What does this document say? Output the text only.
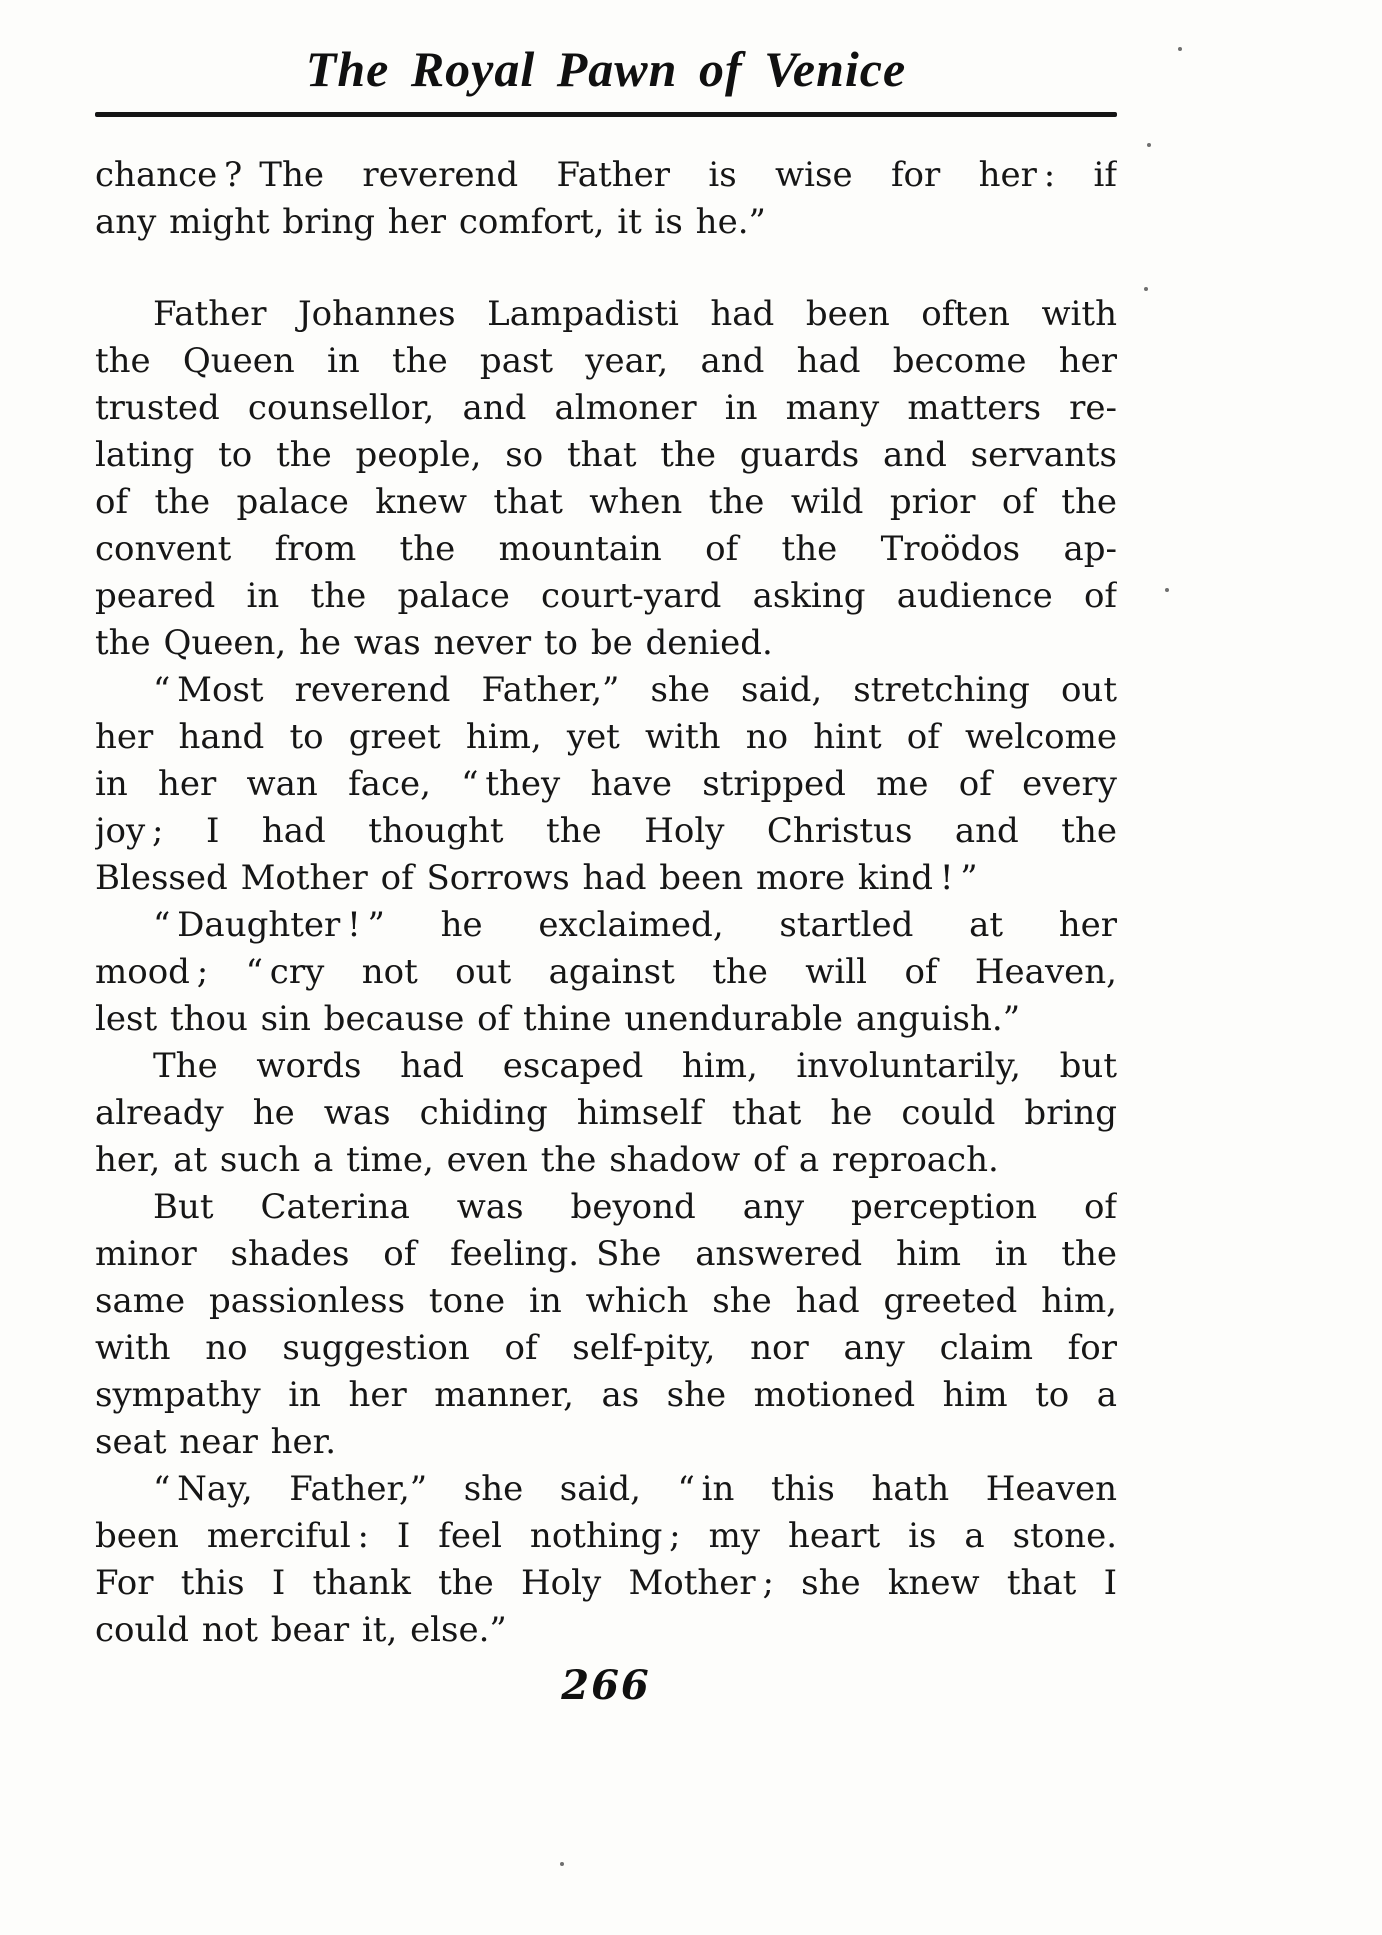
The Royal Pawn of Venice
chance ? The reverend Father is wise for her : if
any might bring her comfort, it is he.”
Father Johannes Lampadisti had been often with
the Queen in the past year, and had become her
trusted counsellor, and almoner in many matters re-
lating to the people, so that the guards and servants
of the palace knew that when the wild prior of the
convent from the mountain of the Troödos ap-
peared in the palace court-yard asking audience of
the Queen, he was never to be denied.
“ Most reverend Father,” she said, stretching out
her hand to greet him, yet with no hint of welcome
in her wan face, “ they have stripped me of every
joy ; I had thought the Holy Christus and the
Blessed Mother of Sorrows had been more kind ! ”
“ Daughter ! ” he exclaimed, startled at her
mood ; “ cry not out against the will of Heaven,
lest thou sin because of thine unendurable anguish.”
The words had escaped him, involuntarily, but
already he was chiding himself that he could bring
her, at such a time, even the shadow of a reproach.
But Caterina was beyond any perception of
minor shades of feeling. She answered him in the
same passionless tone in which she had greeted him,
with no suggestion of self-pity, nor any claim for
sympathy in her manner, as she motioned him to a
seat near her.
“ Nay, Father,” she said, “ in this hath Heaven
been merciful : I feel nothing ; my heart is a stone.
For this I thank the Holy Mother ; she knew that I
could not bear it, else.”
266
